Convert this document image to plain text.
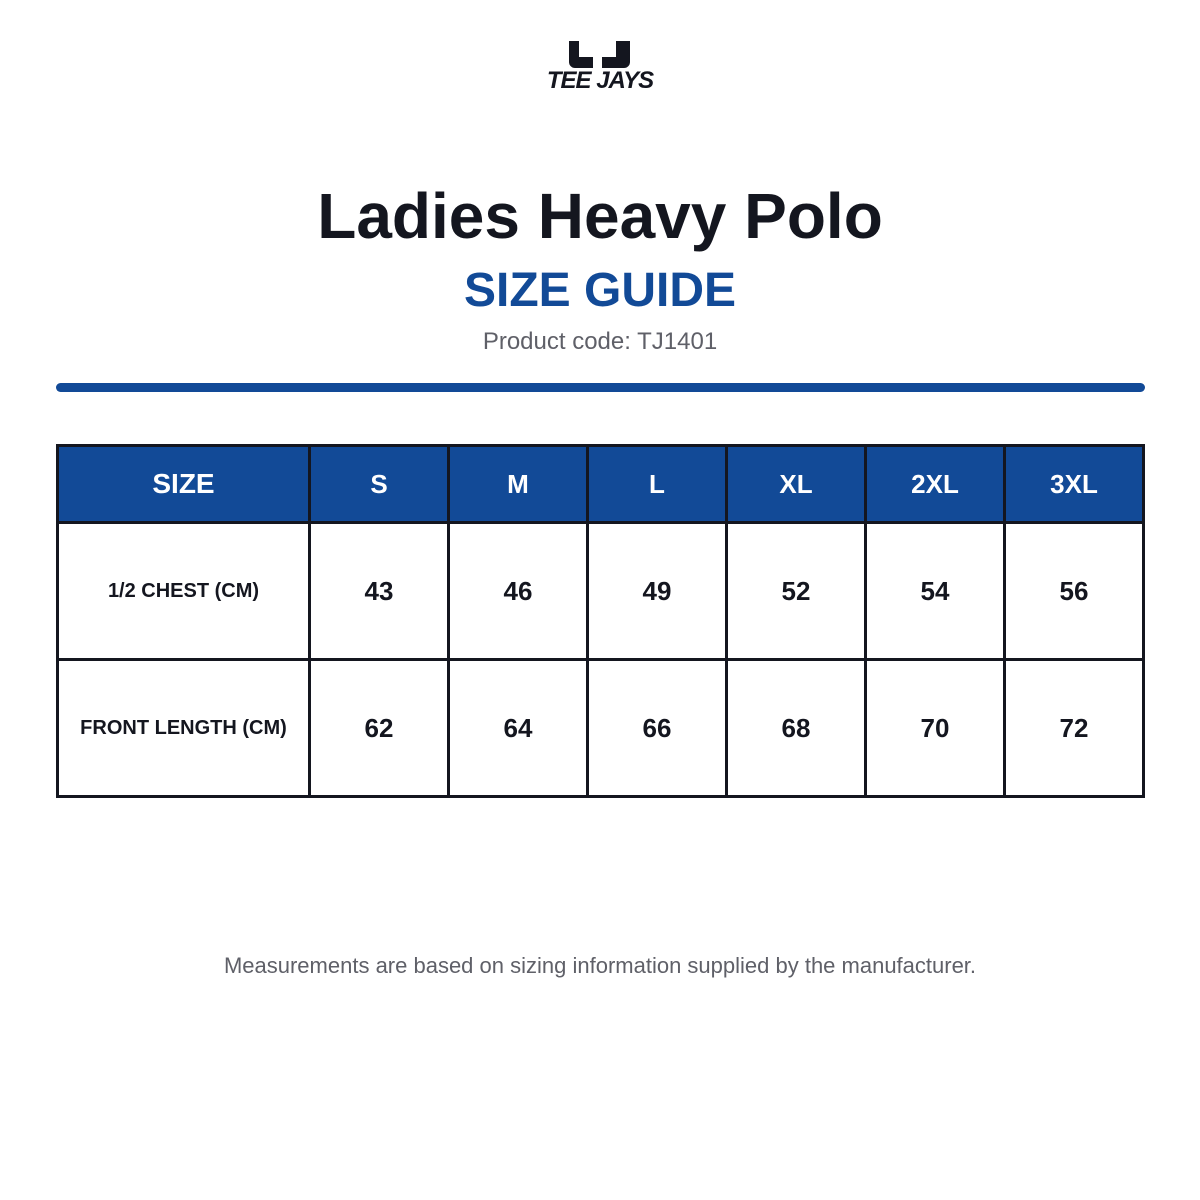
TEE JAYS
Ladies Heavy Polo
SIZE GUIDE
Product code: TJ1401
SIZE	S	M	L	XL	2XL	3XL
1/2 CHEST (CM)	43	46	49	52	54	56
FRONT LENGTH (CM)	62	64	66	68	70	72
Measurements are based on sizing information supplied by the manufacturer.
